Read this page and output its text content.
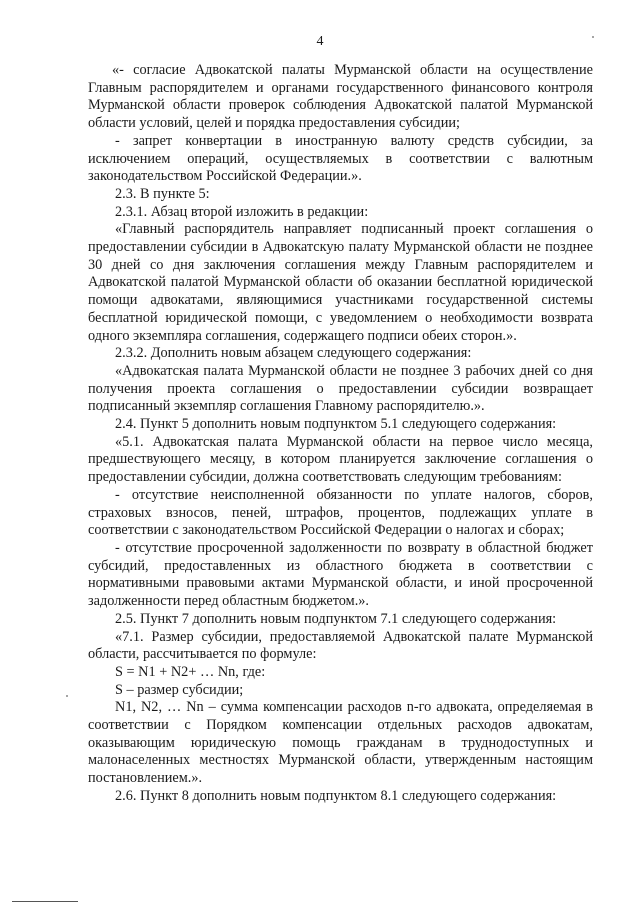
4

«- согласие Адвокатской палаты Мурманской области на осуществление Главным распорядителем и органами государственного финансового контроля Мурманской области проверок соблюдения Адвокатской палатой Мурманской области условий, целей и порядка предоставления субсидии;

- запрет конвертации в иностранную валюту средств субсидии, за исключением операций, осуществляемых в соответствии с валютным законодательством Российской Федерации.».

2.3. В пункте 5:

2.3.1. Абзац второй изложить в редакции:

«Главный распорядитель направляет подписанный проект соглашения о предоставлении субсидии в Адвокатскую палату Мурманской области не позднее 30 дней со дня заключения соглашения между Главным распорядителем и Адвокатской палатой Мурманской области об оказании бесплатной юридической помощи адвокатами, являющимися участниками государственной системы бесплатной юридической помощи, с уведомлением о необходимости возврата одного экземпляра соглашения, содержащего подписи обеих сторон.».

2.3.2. Дополнить новым абзацем следующего содержания:

«Адвокатская палата Мурманской области не позднее 3 рабочих дней со дня получения проекта соглашения о предоставлении субсидии возвращает подписанный экземпляр соглашения Главному распорядителю.».

2.4. Пункт 5 дополнить новым подпунктом 5.1 следующего содержания:

«5.1. Адвокатская палата Мурманской области на первое число месяца, предшествующего месяцу, в котором планируется заключение соглашения о предоставлении субсидии, должна соответствовать следующим требованиям:

- отсутствие неисполненной обязанности по уплате налогов, сборов, страховых взносов, пеней, штрафов, процентов, подлежащих уплате в соответствии с законодательством Российской Федерации о налогах и сборах;

- отсутствие просроченной задолженности по возврату в областной бюджет субсидий, предоставленных из областного бюджета в соответствии с нормативными правовыми актами Мурманской области, и иной просроченной задолженности перед областным бюджетом.».

2.5. Пункт 7 дополнить новым подпунктом 7.1 следующего содержания:

«7.1. Размер субсидии, предоставляемой Адвокатской палате Мурманской области, рассчитывается по формуле:

S = N1 + N2+ … Nn, где:

S – размер субсидии;

N1, N2, … Nn – сумма компенсации расходов n-го адвоката, определяемая в соответствии с Порядком компенсации отдельных расходов адвокатам, оказывающим юридическую помощь гражданам в труднодоступных и малонаселенных местностях Мурманской области, утвержденным настоящим постановлением.».

2.6. Пункт 8 дополнить новым подпунктом 8.1 следующего содержания:
